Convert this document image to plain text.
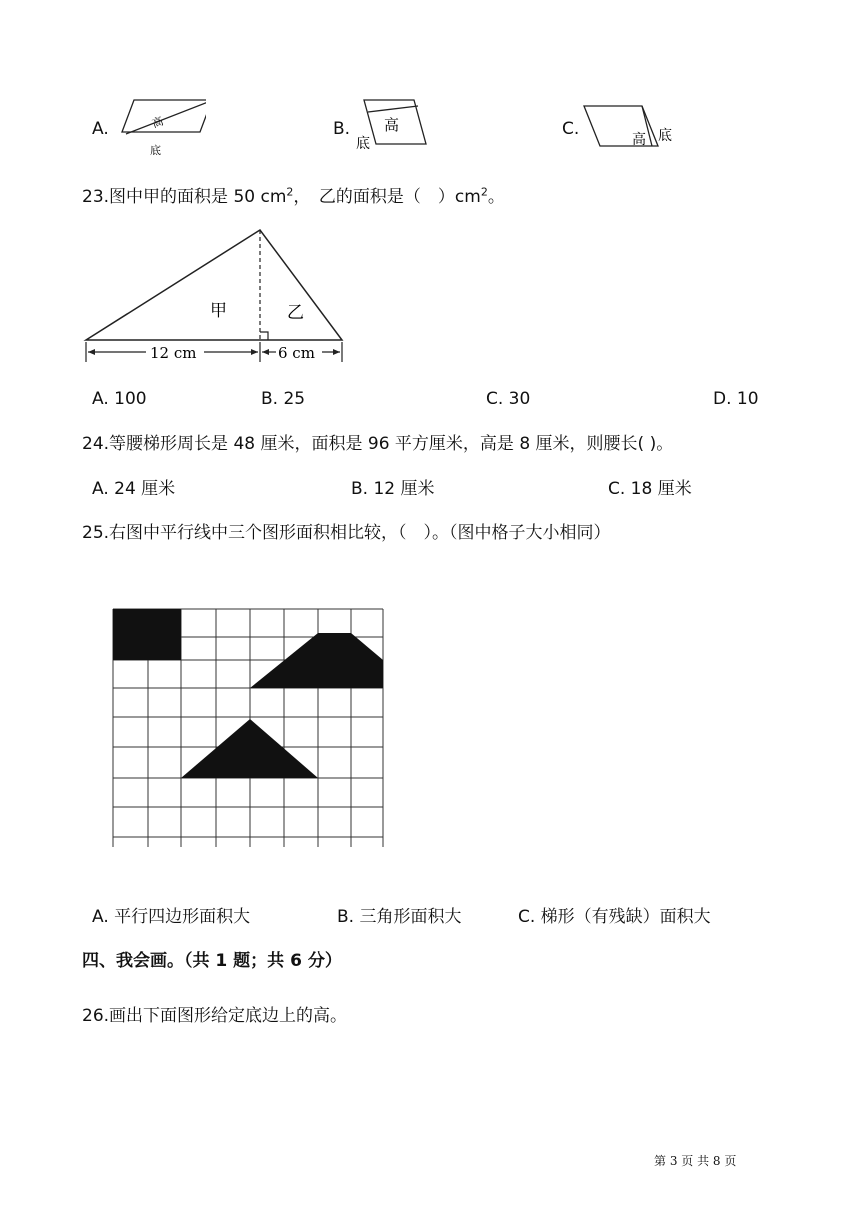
A.	高
底
B. 高
底
C.
高 底
23.图中甲的面积是 50 $cm^2$，　乙的面积是（　）$cm^2$。
甲	乙
12 cm	6 cm
A. 100	B. 25	C. 30	D. 10
24.等腰梯形周长是 48 厘米，面积是 96 平方厘米，高是 8 厘米，则腰长( )。
A. 24 厘米	B. 12 厘米	C. 18 厘米
25.右图中平行线中三个图形面积相比较，（　）。（图中格子大小相同）
A. 平行四边形面积大	B. 三角形面积大	C. 梯形（有残缺）面积大
四、我会画。（共 1 题；共 6 分）
26.画出下面图形给定底边上的高。
第 3 页 共 8 页
